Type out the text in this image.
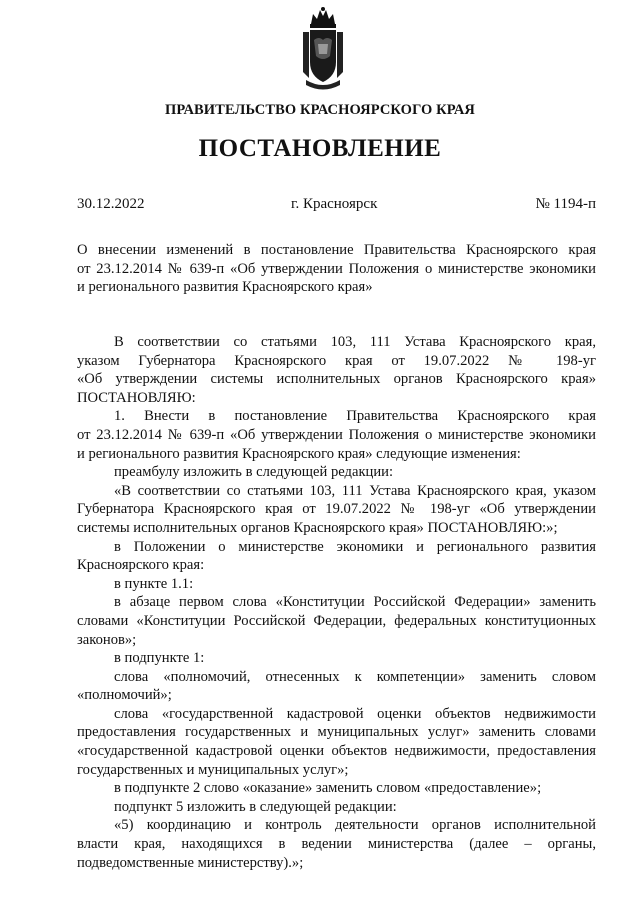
ПРАВИТЕЛЬСТВО КРАСНОЯРСКОГО КРАЯ
ПОСТАНОВЛЕНИЕ
30.12.2022	г. Красноярск	№ 1194-п

О внесении изменений в постановление Правительства Красноярского края

от 23.12.2014 № 639-п «Об утверждении Положения о министерстве экономики

и регионального развития Красноярского края»

В соответствии со статьями 103, 111 Устава Красноярского края,

указом Губернатора Красноярского края от 19.07.2022 № 198-уг

«Об утверждении системы исполнительных органов Красноярского края»

ПОСТАНОВЛЯЮ:

1. Внести в постановление Правительства Красноярского края

от 23.12.2014 № 639-п «Об утверждении Положения о министерстве экономики

и регионального развития Красноярского края» следующие изменения:

преамбулу изложить в следующей редакции:

«В соответствии со статьями 103, 111 Устава Красноярского края, указом

Губернатора Красноярского края от 19.07.2022 № 198-уг «Об утверждении

системы исполнительных органов Красноярского края» ПОСТАНОВЛЯЮ:»;

в Положении о министерстве экономики и регионального развития

Красноярского края:

в пункте 1.1:

в абзаце первом слова «Конституции Российской Федерации» заменить

словами «Конституции Российской Федерации, федеральных конституционных

законов»;

в подпункте 1:

слова «полномочий, отнесенных к компетенции» заменить словом

«полномочий»;

слова «государственной кадастровой оценки объектов недвижимости

предоставления государственных и муниципальных услуг» заменить словами

«государственной кадастровой оценки объектов недвижимости, предоставления

государственных и муниципальных услуг»;

в подпункте 2 слово «оказание» заменить словом «предоставление»;

подпункт 5 изложить в следующей редакции:

«5) координацию и контроль деятельности органов исполнительной

власти края, находящихся в ведении министерства (далее – органы,

подведомственные министерству).»;
